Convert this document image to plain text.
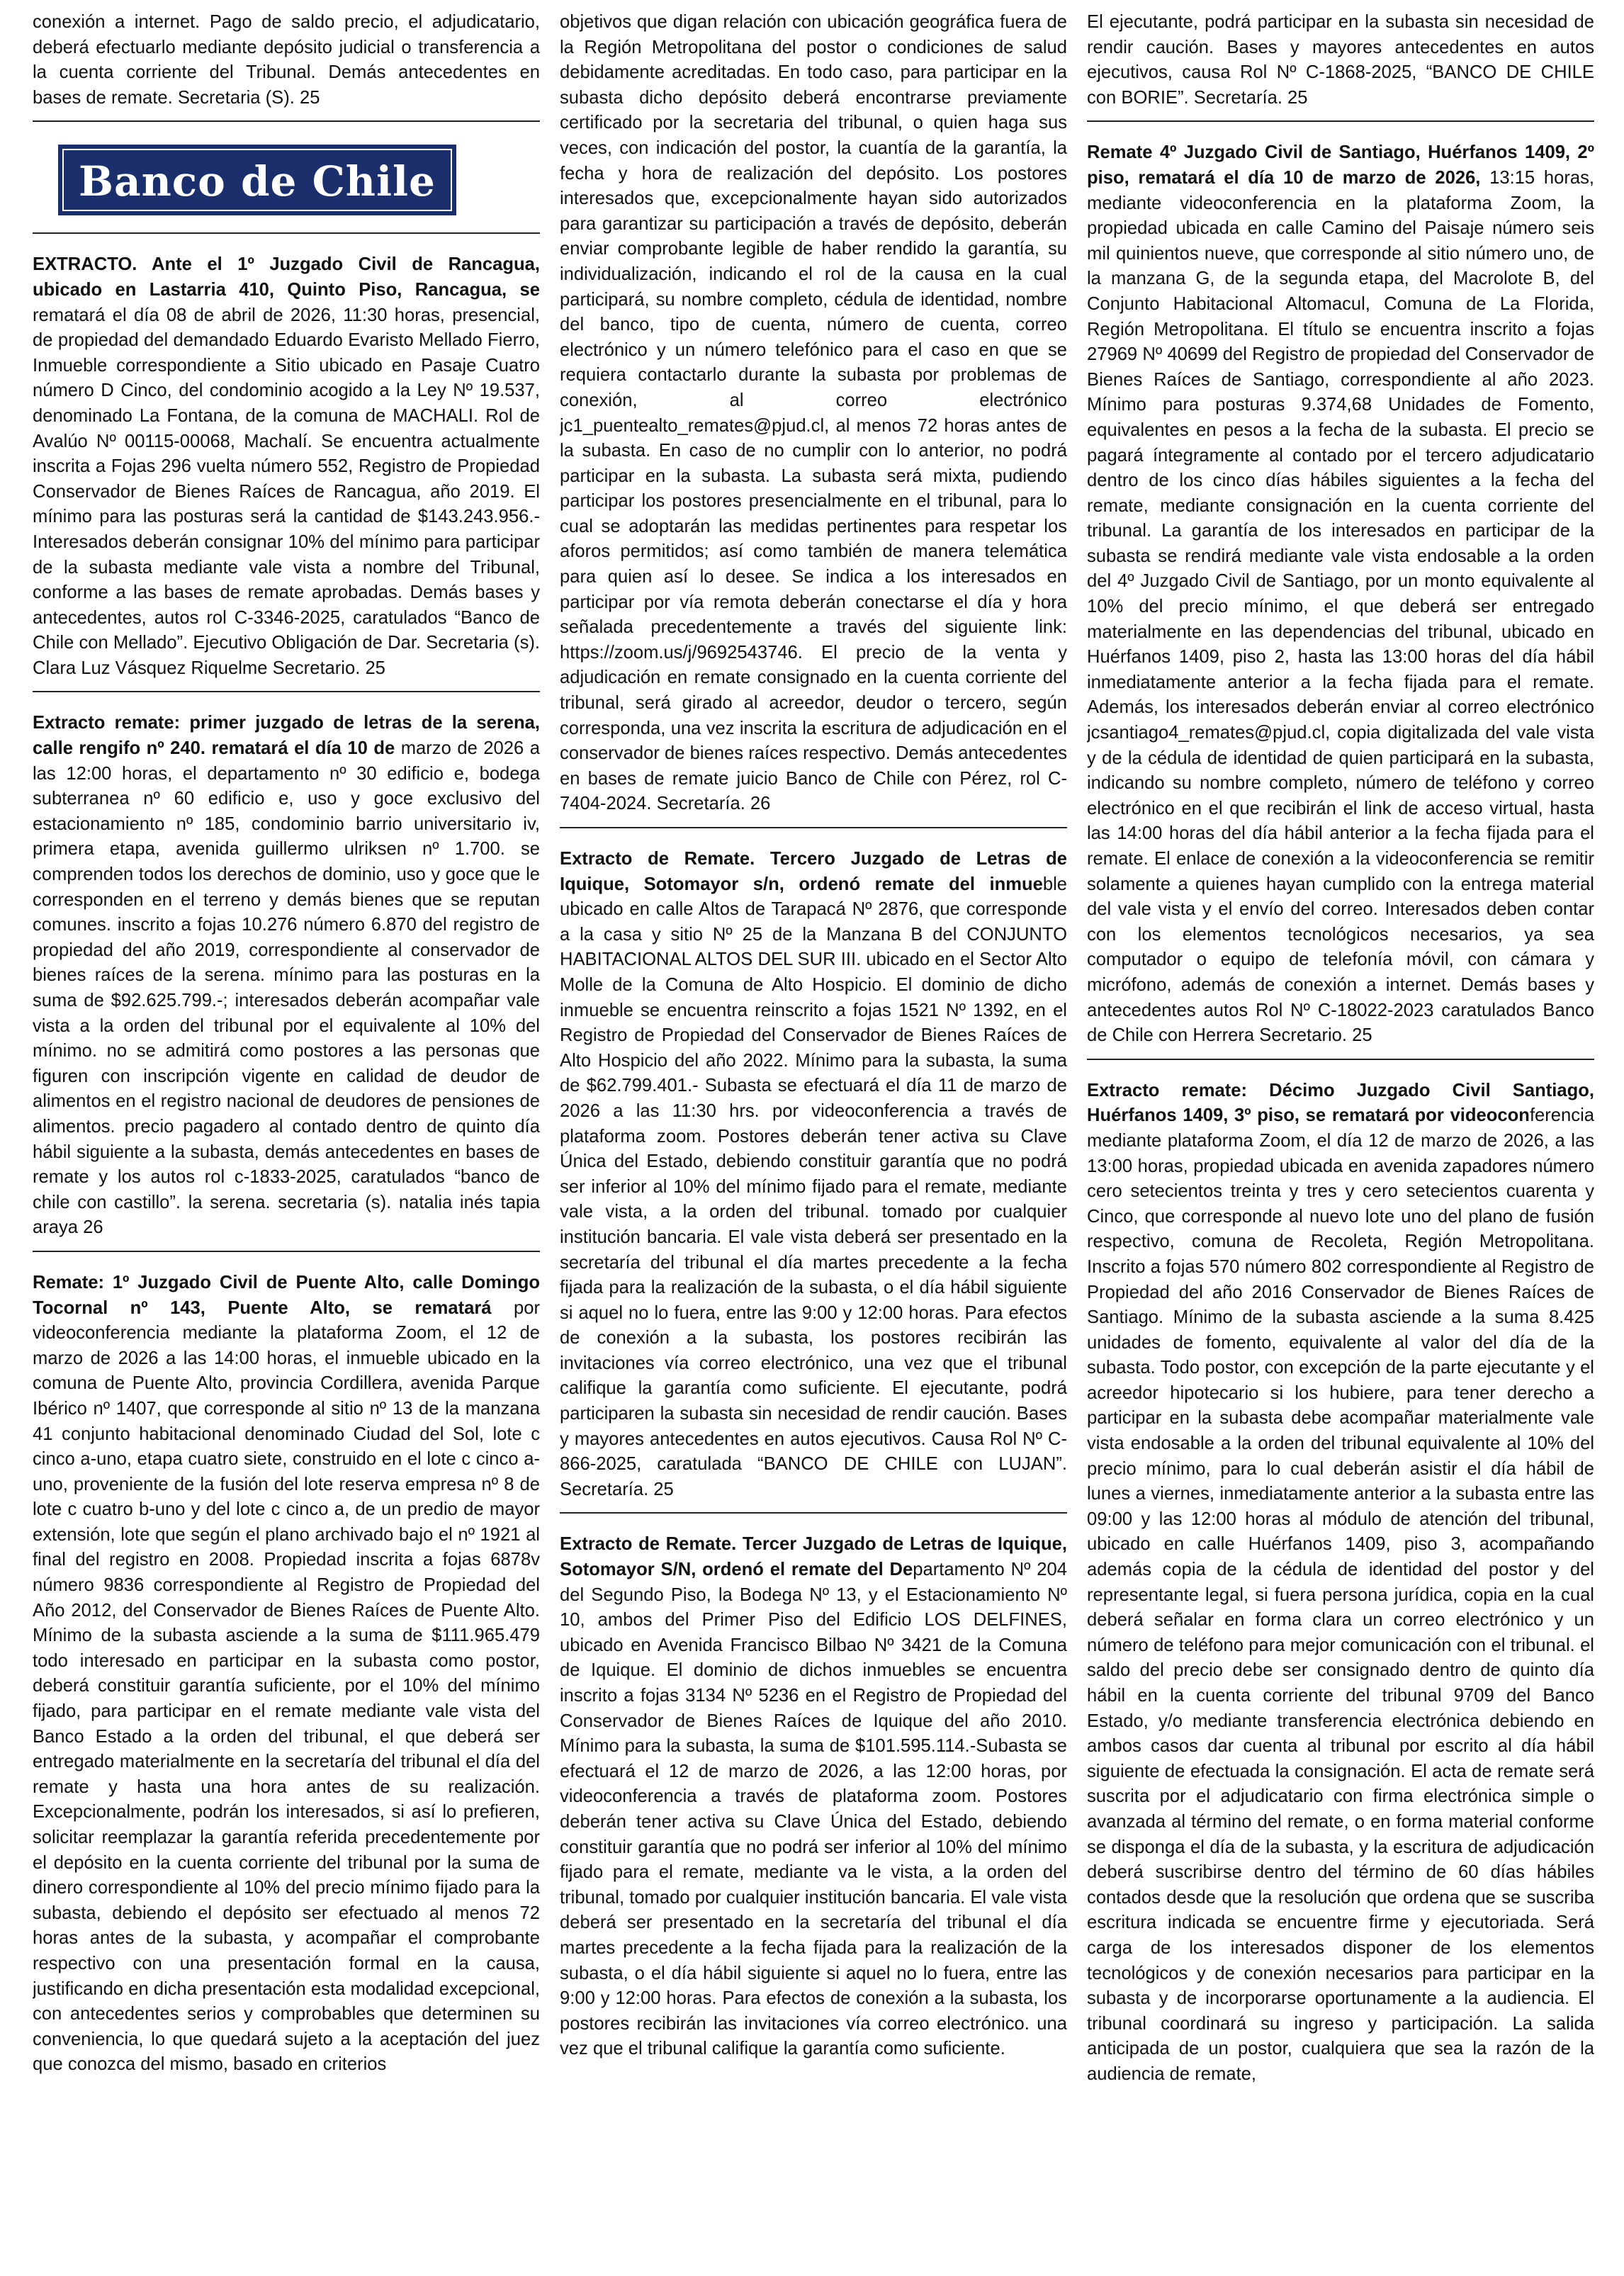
conexión a internet. Pago de saldo precio, el adjudicatario, deberá efectuarlo mediante depósito judicial o transferencia a la cuenta corriente del Tribunal. Demás antecedentes en bases de remate. Secretaria (S). 25

Banco de Chile

EXTRACTO. Ante el 1º Juzgado Civil de Rancagua, ubicado en Lastarria 410, Quinto Piso, Rancagua, se rematará el día 08 de abril de 2026, 11:30 horas, presencial, de propiedad del demandado Eduardo Evaristo Mellado Fierro, Inmueble correspondiente a Sitio ubicado en Pasaje Cuatro número D Cinco, del condominio acogido a la Ley Nº 19.537, denominado La Fontana, de la comuna de MACHALI. Rol de Avalúo Nº 00115-00068, Machalí. Se encuentra actualmente inscrita a Fojas 296 vuelta número 552, Registro de Propiedad Conservador de Bienes Raíces de Rancagua, año 2019. El mínimo para las posturas será la cantidad de $143.243.956.- Interesados deberán consignar 10% del mínimo para participar de la subasta mediante vale vista a nombre del Tribunal, conforme a las bases de remate aprobadas. Demás bases y antecedentes, autos rol C-3346-2025, caratulados “Banco de Chile con Mellado”. Ejecutivo Obligación de Dar. Secretaria (s). Clara Luz Vásquez Riquelme Secretario. 25

Extracto remate: primer juzgado de letras de la serena, calle rengifo nº 240. rematará el día 10 de marzo de 2026 a las 12:00 horas, el departamento nº 30 edificio e, bodega subterranea nº 60 edificio e, uso y goce exclusivo del estacionamiento nº 185, condominio barrio universitario iv, primera etapa, avenida guillermo ulriksen nº 1.700. se comprenden todos los derechos de dominio, uso y goce que le corresponden en el terreno y demás bienes que se reputan comunes. inscrito a fojas 10.276 número 6.870 del registro de propiedad del año 2019, correspondiente al conservador de bienes raíces de la serena. mínimo para las posturas en la suma de $92.625.799.-; interesados deberán acompañar vale vista a la orden del tribunal por el equivalente al 10% del mínimo. no se admitirá como postores a las personas que figuren con inscripción vigente en calidad de deudor de alimentos en el registro nacional de deudores de pensiones de alimentos. precio pagadero al contado dentro de quinto día hábil siguiente a la subasta, demás antecedentes en bases de remate y los autos rol c-1833-2025, caratulados “banco de chile con castillo”. la serena. secretaria (s). natalia inés tapia araya 26

Remate: 1º Juzgado Civil de Puente Alto, calle Domingo Tocornal nº 143, Puente Alto, se rematará por videoconferencia mediante la plataforma Zoom, el 12 de marzo de 2026 a las 14:00 horas, el inmueble ubicado en la comuna de Puente Alto, provincia Cordillera, avenida Parque Ibérico nº 1407, que corresponde al sitio nº 13 de la manzana 41 conjunto habitacional denominado Ciudad del Sol, lote c cinco a-uno, etapa cuatro siete, construido en el lote c cinco a-uno, proveniente de la fusión del lote reserva empresa nº 8 de lote c cuatro b-uno y del lote c cinco a, de un predio de mayor extensión, lote que según el plano archivado bajo el nº 1921 al final del registro en 2008. Propiedad inscrita a fojas 6878v número 9836 correspondiente al Registro de Propiedad del Año 2012, del Conservador de Bienes Raíces de Puente Alto. Mínimo de la subasta asciende a la suma de $111.965.479 todo interesado en participar en la subasta como postor, deberá constituir garantía suficiente, por el 10% del mínimo fijado, para participar en el remate mediante vale vista del Banco Estado a la orden del tribunal, el que deberá ser entregado materialmente en la secretaría del tribunal el día del remate y hasta una hora antes de su realización. Excepcionalmente, podrán los interesados, si así lo prefieren, solicitar reemplazar la garantía referida precedentemente por el depósito en la cuenta corriente del tribunal por la suma de dinero correspondiente al 10% del precio mínimo fijado para la subasta, debiendo el depósito ser efectuado al menos 72 horas antes de la subasta, y acompañar el comprobante respectivo con una presentación formal en la causa, justificando en dicha presentación esta modalidad excepcional, con antecedentes serios y comprobables que determinen su conveniencia, lo que quedará sujeto a la aceptación del juez que conozca del mismo, basado en criterios

objetivos que digan relación con ubicación geográfica fuera de la Región Metropolitana del postor o condiciones de salud debidamente acreditadas. En todo caso, para participar en la subasta dicho depósito deberá encontrarse previamente certificado por la secretaria del tribunal, o quien haga sus veces, con indicación del postor, la cuantía de la garantía, la fecha y hora de realización del depósito. Los postores interesados que, excepcionalmente hayan sido autorizados para garantizar su participación a través de depósito, deberán enviar comprobante legible de haber rendido la garantía, su individualización, indicando el rol de la causa en la cual participará, su nombre completo, cédula de identidad, nombre del banco, tipo de cuenta, número de cuenta, correo electrónico y un número telefónico para el caso en que se requiera contactarlo durante la subasta por problemas de conexión, al correo electrónico jc1_puentealto_remates@pjud.cl, al menos 72 horas antes de la subasta. En caso de no cumplir con lo anterior, no podrá participar en la subasta. La subasta será mixta, pudiendo participar los postores presencialmente en el tribunal, para lo cual se adoptarán las medidas pertinentes para respetar los aforos permitidos; así como también de manera telemática para quien así lo desee. Se indica a los interesados en participar por vía remota deberán conectarse el día y hora señalada precedentemente a través del siguiente link: https://zoom.us/j/9692543746. El precio de la venta y adjudicación en remate consignado en la cuenta corriente del tribunal, será girado al acreedor, deudor o tercero, según corresponda, una vez inscrita la escritura de adjudicación en el conservador de bienes raíces respectivo. Demás antecedentes en bases de remate juicio Banco de Chile con Pérez, rol C-7404-2024. Secretaría. 26

Extracto de Remate. Tercero Juzgado de Letras de Iquique, Sotomayor s/n, ordenó remate del inmueble ubicado en calle Altos de Tarapacá Nº 2876, que corresponde a la casa y sitio Nº 25 de la Manzana B del CONJUNTO HABITACIONAL ALTOS DEL SUR III. ubicado en el Sector Alto Molle de la Comuna de Alto Hospicio. El dominio de dicho inmueble se encuentra reinscrito a fojas 1521 Nº 1392, en el Registro de Propiedad del Conservador de Bienes Raíces de Alto Hospicio del año 2022. Mínimo para la subasta, la suma de $62.799.401.- Subasta se efectuará el día 11 de marzo de 2026 a las 11:30 hrs. por videoconferencia a través de plataforma zoom. Postores deberán tener activa su Clave Única del Estado, debiendo constituir garantía que no podrá ser inferior al 10% del mínimo fijado para el remate, mediante vale vista, a la orden del tribunal. tomado por cualquier institución bancaria. El vale vista deberá ser presentado en la secretaría del tribunal el día martes precedente a la fecha fijada para la realización de la subasta, o el día hábil siguiente si aquel no lo fuera, entre las 9:00 y 12:00 horas. Para efectos de conexión a la subasta, los postores recibirán las invitaciones vía correo electrónico, una vez que el tribunal califique la garantía como suficiente. El ejecutante, podrá participaren la subasta sin necesidad de rendir caución. Bases y mayores antecedentes en autos ejecutivos. Causa Rol Nº C-866-2025, caratulada “BANCO DE CHILE con LUJAN”. Secretaría. 25

Extracto de Remate. Tercer Juzgado de Letras de Iquique, Sotomayor S/N, ordenó el remate del Departamento Nº 204 del Segundo Piso, la Bodega Nº 13, y el Estacionamiento Nº 10, ambos del Primer Piso del Edificio LOS DELFINES, ubicado en Avenida Francisco Bilbao Nº 3421 de la Comuna de Iquique. El dominio de dichos inmuebles se encuentra inscrito a fojas 3134 Nº 5236 en el Registro de Propiedad del Conservador de Bienes Raíces de Iquique del año 2010. Mínimo para la subasta, la suma de $101.595.114.-Subasta se efectuará el 12 de marzo de 2026, a las 12:00 horas, por videoconferencia a través de plataforma zoom. Postores deberán tener activa su Clave Única del Estado, debiendo constituir garantía que no podrá ser inferior al 10% del mínimo fijado para el remate, mediante va le vista, a la orden del tribunal, tomado por cualquier institución bancaria. El vale vista deberá ser presentado en la secretaría del tribunal el día martes precedente a la fecha fijada para la realización de la subasta, o el día hábil siguiente si aquel no lo fuera, entre las 9:00 y 12:00 horas. Para efectos de conexión a la subasta, los postores recibirán las invitaciones vía correo electrónico. una vez que el tribunal califique la garantía como suficiente.

El ejecutante, podrá participar en la subasta sin necesidad de rendir caución. Bases y mayores antecedentes en autos ejecutivos, causa Rol Nº C-1868-2025, “BANCO DE CHILE con BORIE”. Secretaría. 25

Remate 4º Juzgado Civil de Santiago, Huérfanos 1409, 2º piso, rematará el día 10 de marzo de 2026, 13:15 horas, mediante videoconferencia en la plataforma Zoom, la propiedad ubicada en calle Camino del Paisaje número seis mil quinientos nueve, que corresponde al sitio número uno, de la manzana G, de la segunda etapa, del Macrolote B, del Conjunto Habitacional Altomacul, Comuna de La Florida, Región Metropolitana. El título se encuentra inscrito a fojas 27969 Nº 40699 del Registro de propiedad del Conservador de Bienes Raíces de Santiago, correspondiente al año 2023. Mínimo para posturas 9.374,68 Unidades de Fomento, equivalentes en pesos a la fecha de la subasta. El precio se pagará íntegramente al contado por el tercero adjudicatario dentro de los cinco días hábiles siguientes a la fecha del remate, mediante consignación en la cuenta corriente del tribunal. La garantía de los interesados en participar de la subasta se rendirá mediante vale vista endosable a la orden del 4º Juzgado Civil de Santiago, por un monto equivalente al 10% del precio mínimo, el que deberá ser entregado materialmente en las dependencias del tribunal, ubicado en Huérfanos 1409, piso 2, hasta las 13:00 horas del día hábil inmediatamente anterior a la fecha fijada para el remate. Además, los interesados deberán enviar al correo electrónico jcsantiago4_remates@pjud.cl, copia digitalizada del vale vista y de la cédula de identidad de quien participará en la subasta, indicando su nombre completo, número de teléfono y correo electrónico en el que recibirán el link de acceso virtual, hasta las 14:00 horas del día hábil anterior a la fecha fijada para el remate. El enlace de conexión a la videoconferencia se remitir solamente a quienes hayan cumplido con la entrega material del vale vista y el envío del correo. Interesados deben contar con los elementos tecnológicos necesarios, ya sea computador o equipo de telefonía móvil, con cámara y micrófono, además de conexión a internet. Demás bases y antecedentes autos Rol Nº C-18022-2023 caratulados Banco de Chile con Herrera Secretario. 25

Extracto remate: Décimo Juzgado Civil Santiago, Huérfanos 1409, 3º piso, se rematará por videoconferencia mediante plataforma Zoom, el día 12 de marzo de 2026, a las 13:00 horas, propiedad ubicada en avenida zapadores número cero setecientos treinta y tres y cero setecientos cuarenta y Cinco, que corresponde al nuevo lote uno del plano de fusión respectivo, comuna de Recoleta, Región Metropolitana. Inscrito a fojas 570 número 802 correspondiente al Registro de Propiedad del año 2016 Conservador de Bienes Raíces de Santiago. Mínimo de la subasta asciende a la suma 8.425 unidades de fomento, equivalente al valor del día de la subasta. Todo postor, con excepción de la parte ejecutante y el acreedor hipotecario si los hubiere, para tener derecho a participar en la subasta debe acompañar materialmente vale vista endosable a la orden del tribunal equivalente al 10% del precio mínimo, para lo cual deberán asistir el día hábil de lunes a viernes, inmediatamente anterior a la subasta entre las 09:00 y las 12:00 horas al módulo de atención del tribunal, ubicado en calle Huérfanos 1409, piso 3, acompañando además copia de la cédula de identidad del postor y del representante legal, si fuera persona jurídica, copia en la cual deberá señalar en forma clara un correo electrónico y un número de teléfono para mejor comunicación con el tribunal. el saldo del precio debe ser consignado dentro de quinto día hábil en la cuenta corriente del tribunal 9709 del Banco Estado, y/o mediante transferencia electrónica debiendo en ambos casos dar cuenta al tribunal por escrito al día hábil siguiente de efectuada la consignación. El acta de remate será suscrita por el adjudicatario con firma electrónica simple o avanzada al término del remate, o en forma material conforme se disponga el día de la subasta, y la escritura de adjudicación deberá suscribirse dentro del término de 60 días hábiles contados desde que la resolución que ordena que se suscriba escritura indicada se encuentre firme y ejecutoriada. Será carga de los interesados disponer de los elementos tecnológicos y de conexión necesarios para participar en la subasta y de incorporarse oportunamente a la audiencia. El tribunal coordinará su ingreso y participación. La salida anticipada de un postor, cualquiera que sea la razón de la audiencia de remate,
